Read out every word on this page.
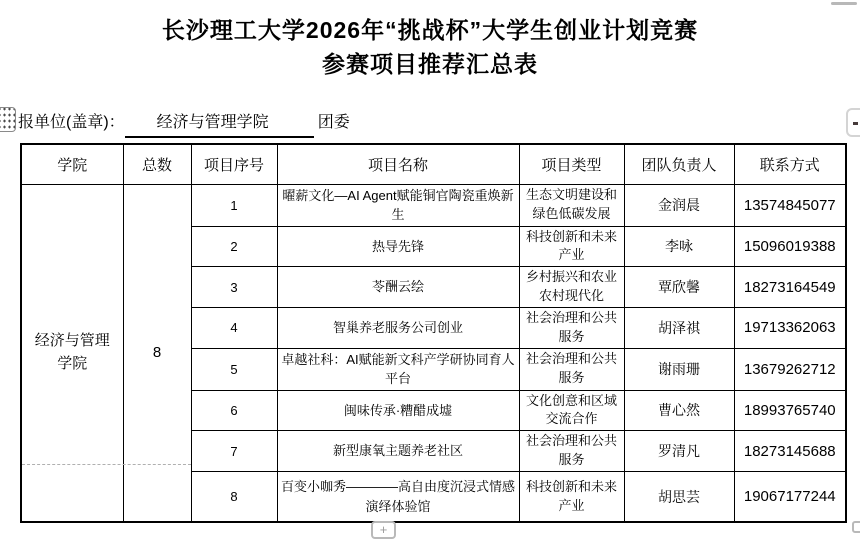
长沙理工大学2026年“挑战杯”大学生创业计划竞赛
参赛项目推荐汇总表
报单位(盖章)： 经济与管理学院	团委
学院	总数	项目序号	项目名称	项目类型	团队负责人	联系方式
经济与管理学院	8	1	曜薪文化—AI Agent赋能铜官陶瓷重焕新生	生态文明建设和绿色低碳发展	金润晨	13574845077
		2	热导先锋	科技创新和未来产业	李咏	15096019388
		3	苓酬云绘	乡村振兴和农业农村现代化	覃欣馨	18273164549
		4	智巢养老服务公司创业	社会治理和公共服务	胡泽祺	19713362063
		5	卓越社科：AI赋能新文科产学研协同育人平台	社会治理和公共服务	谢雨珊	13679262712
		6	闽味传承·糟醋成墟	文化创意和区域交流合作	曹心然	18993765740
		7	新型康氧主题养老社区	社会治理和公共服务	罗清凡	18273145688
		8	百变小咖秀————高自由度沉浸式情感演绎体验馆	科技创新和未来产业	胡思芸	19067177244
+
